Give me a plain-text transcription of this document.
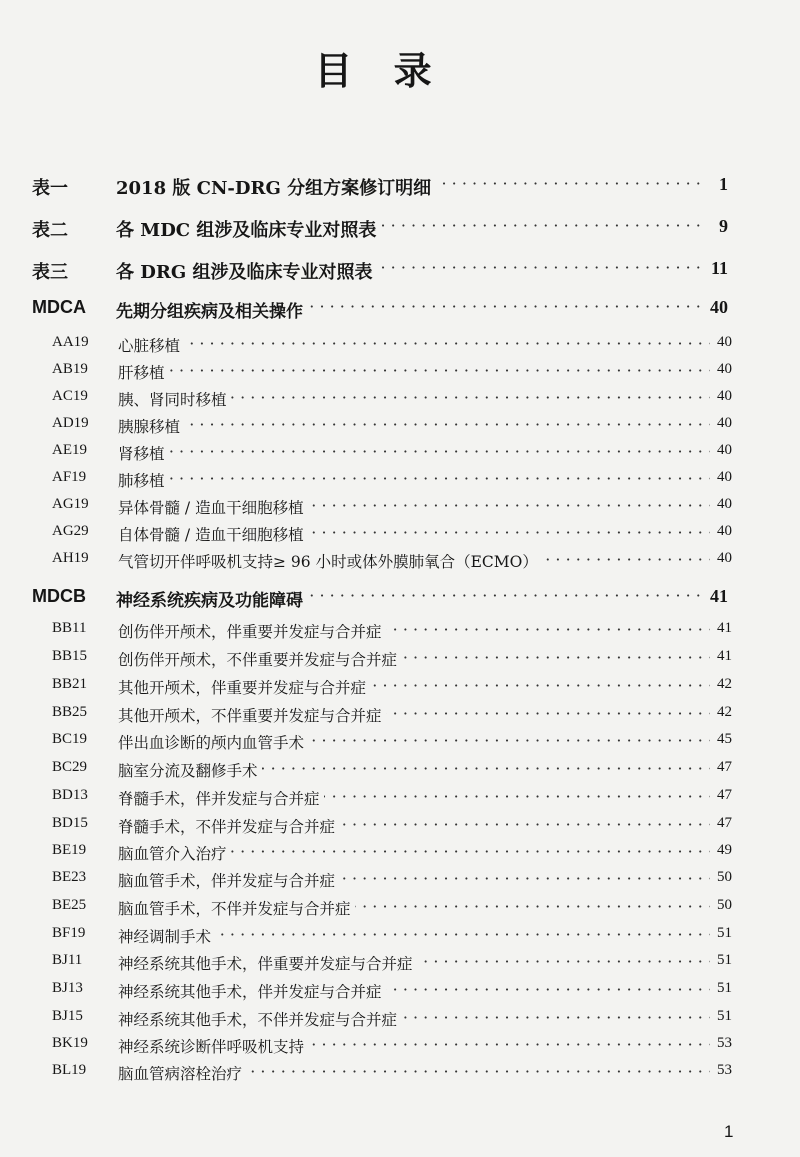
目 录
表一 · · ·	2018 版 CN-DRG 分组方案修订明细	1
表二 · · ·	各 MDC 组涉及临床专业对照表	9
表三 · · ·	各 DRG 组涉及临床专业对照表	11
MDCA · · · 先期分组疾病及相关操作	40
AA19 · · · 心脏移植	40
AB19 · · · 肝移植	40
AC19 · · · 胰、肾同时移植	40
AD19 · · · 胰腺移植	40
AE19 · · · 肾移植	40
AF19 · · · 肺移植	40
AG19 · · · 异体骨髓 / 造血干细胞移植	40
AG29 · · · 自体骨髓 / 造血干细胞移植	40
AH19 · · · 气管切开伴呼吸机支持≥ 96 小时或体外膜肺氧合（ECMO）	40
MDCB · · · 神经系统疾病及功能障碍	41
BB11 · · · 创伤伴开颅术，伴重要并发症与合并症	41
BB15 · · · 创伤伴开颅术，不伴重要并发症与合并症	41
BB21 · · · 其他开颅术，伴重要并发症与合并症	42
BB25 · · · 其他开颅术，不伴重要并发症与合并症	42
BC19 · · · 伴出血诊断的颅内血管手术	45
BC29 · · · 脑室分流及翻修手术	47
BD13 · · · 脊髓手术，伴并发症与合并症	47
BD15 · · · 脊髓手术，不伴并发症与合并症	47
BE19 · · · 脑血管介入治疗	49
BE23 · · · 脑血管手术，伴并发症与合并症	50
BE25 · · · 脑血管手术，不伴并发症与合并症	50
BF19 · · · 神经调制手术	51
BJ11 · · · 神经系统其他手术，伴重要并发症与合并症	51
BJ13 · · · 神经系统其他手术，伴并发症与合并症	51
BJ15 · · · 神经系统其他手术，不伴并发症与合并症	51
BK19 · · · 神经系统诊断伴呼吸机支持	53
BL19 · · · 脑血管病溶栓治疗	53
1
